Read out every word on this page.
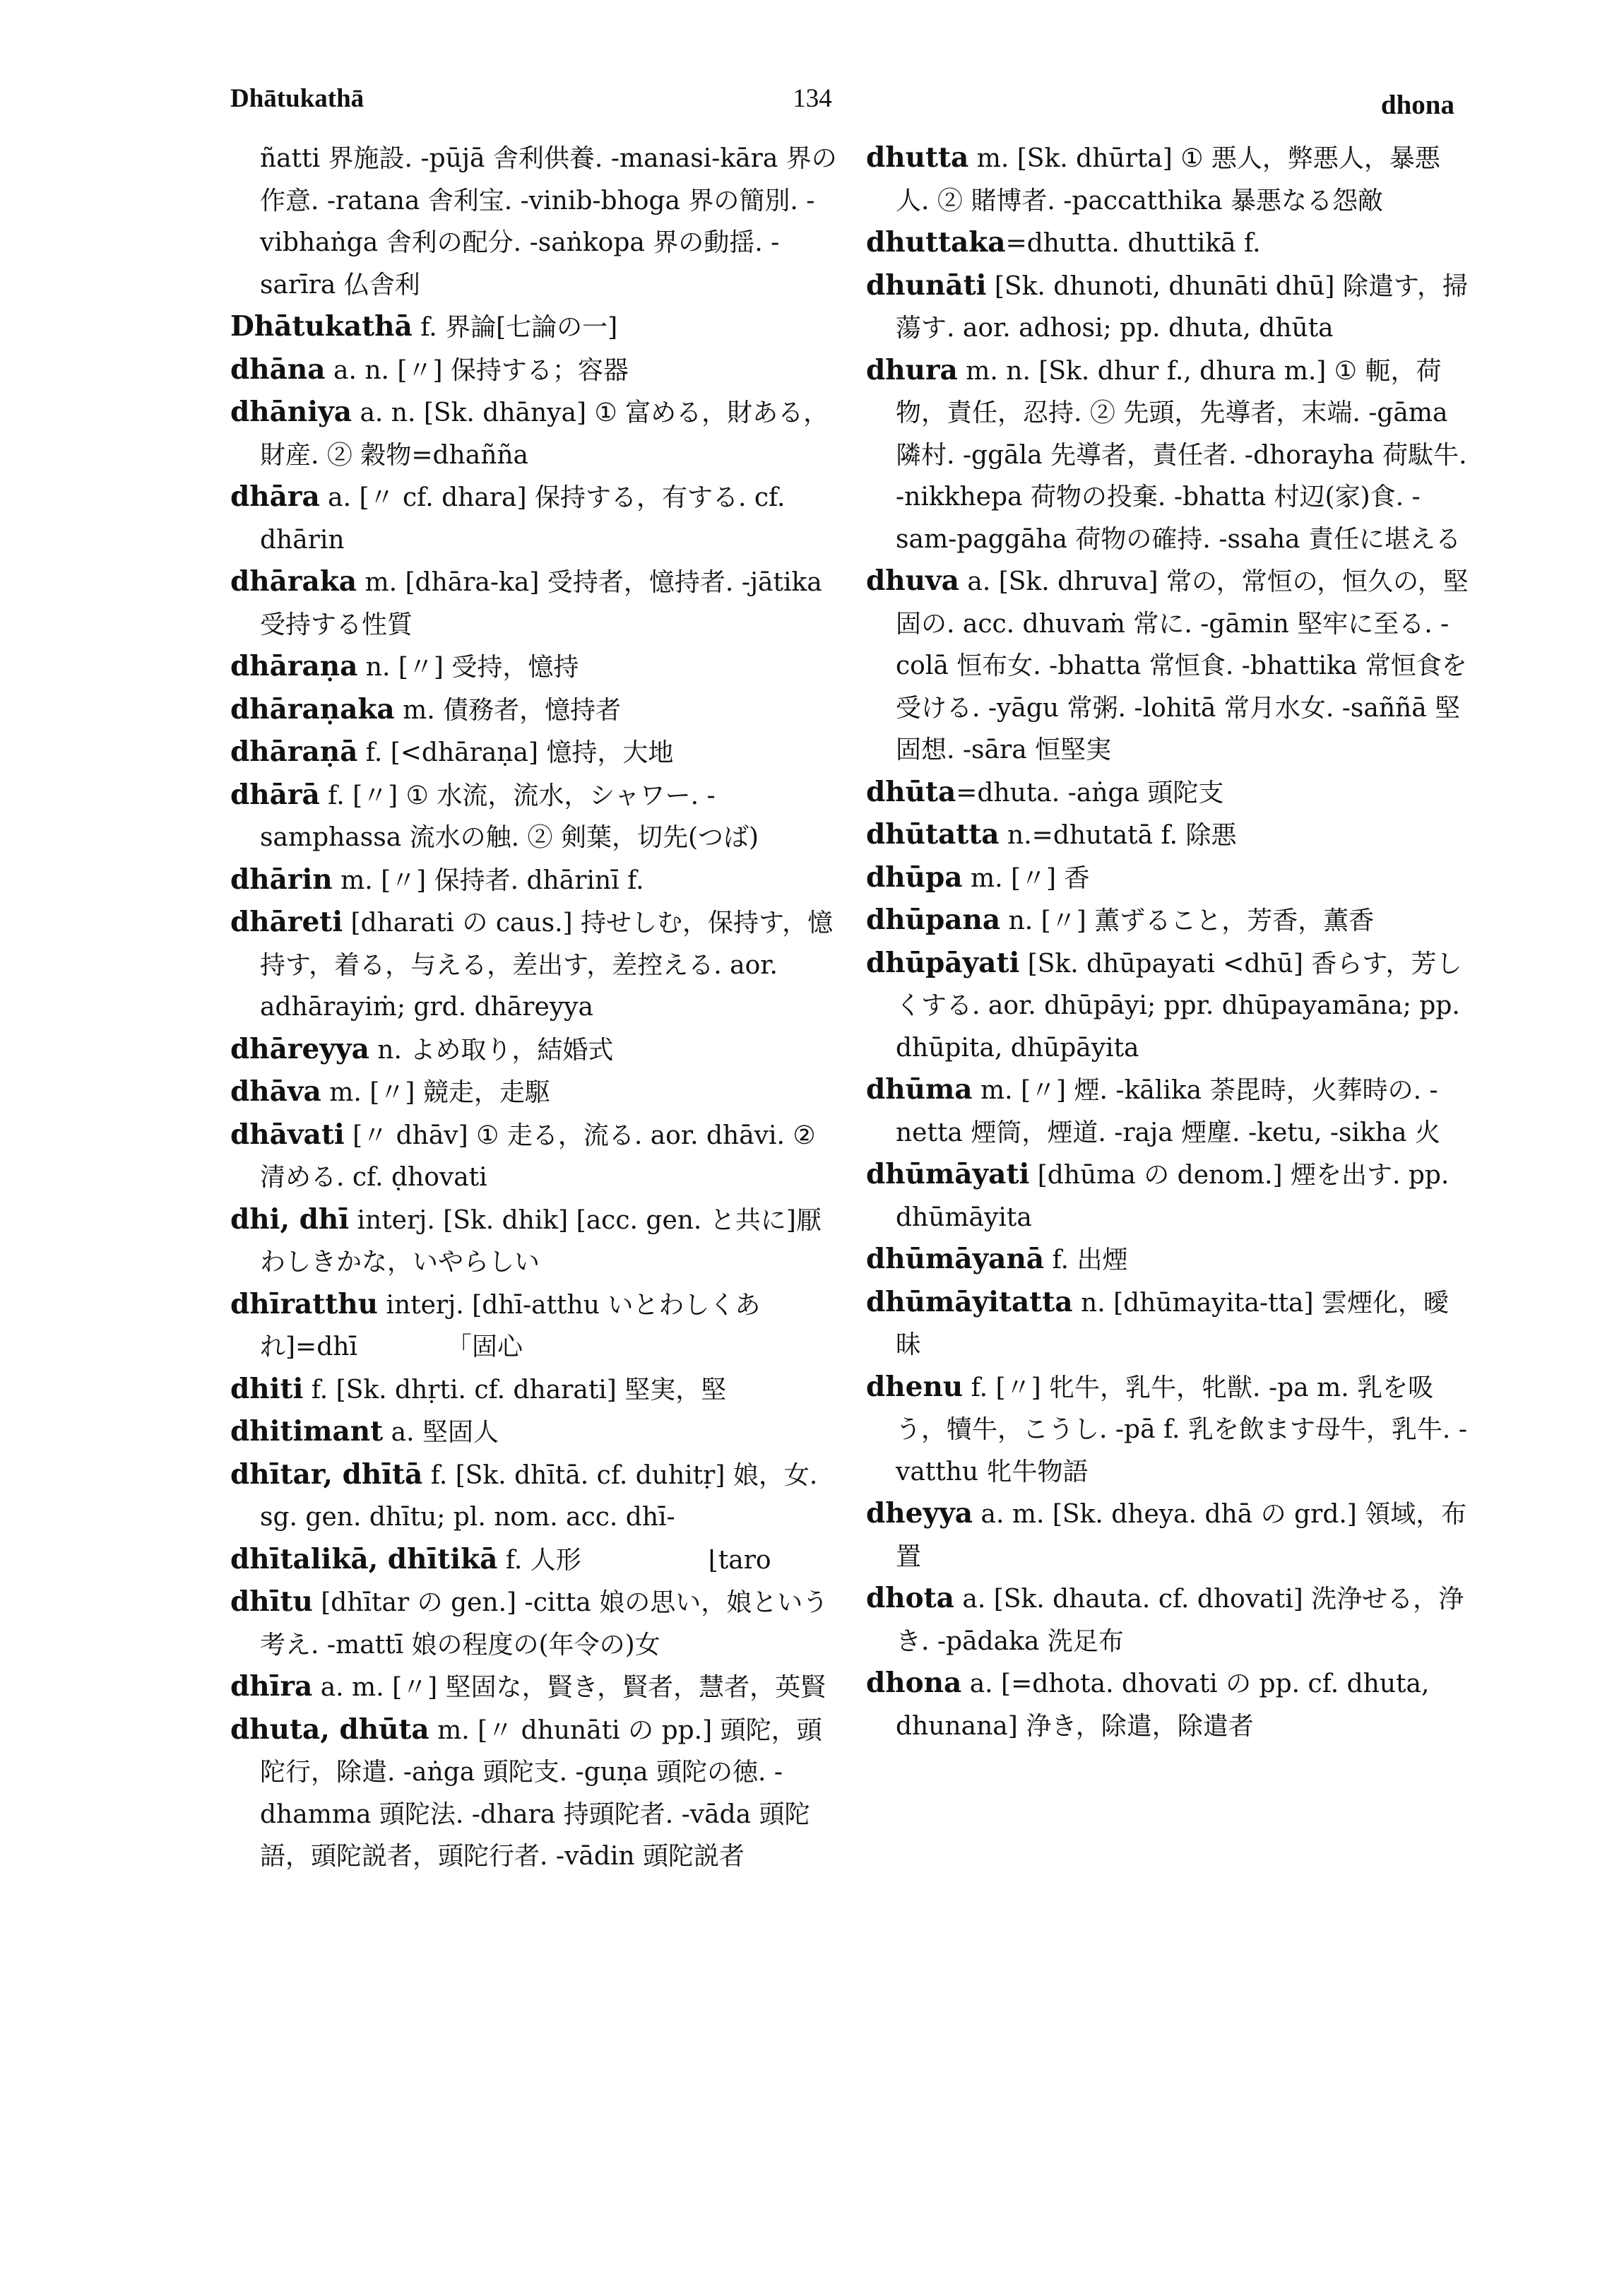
Dhātukathā	134	dhona

ñatti 界施設. -pūjā 舎利供養. -manasi-kāra 界の作意. -ratana 舎利宝. -vinib-bhoga 界の簡別. -vibhaṅga 舎利の配分. -saṅkopa 界の動揺. -sarīra 仏舎利

Dhātukathā f. 界論[七論の一]

dhāna a. n. [〃] 保持する；容器

dhāniya a. n. [Sk. dhānya] ① 富める，財ある，財産. ② 穀物=dhañña

dhāra a. [〃 cf. dhara] 保持する，有する. cf. dhārin

dhāraka m. [dhāra-ka] 受持者，憶持者. -jātika 受持する性質

dhāraṇa n. [〃] 受持，憶持

dhāraṇaka m. 債務者，憶持者

dhāraṇā f. [<dhāraṇa] 憶持，大地

dhārā f. [〃] ① 水流，流水，シャワー. -samphassa 流水の触. ② 剣葉，切先(つば)

dhārin m. [〃] 保持者. dhārinī f.

dhāreti [dharati の caus.] 持せしむ，保持す，憶持す，着る，与える，差出す，差控える. aor. adhārayiṁ; grd. dhāreyya

dhāreyya n. よめ取り，結婚式

dhāva m. [〃] 競走，走駆

dhāvati [〃 dhāv] ① 走る，流る. aor. dhāvi. ② 清める. cf. ḍhovati

dhi, dhī interj. [Sk. dhik] [acc. gen. と共に]厭わしきかな，いやらしい

dhīratthu interj. [dhī-atthu いとわしくあれ]=dhī　　　　「固心

dhiti f. [Sk. dhṛti. cf. dharati] 堅実，堅

dhitimant a. 堅固人

dhītar, dhītā f. [Sk. dhītā. cf. duhitṛ] 娘，女. sg. gen. dhītu; pl. nom. acc. dhī-

dhītalikā, dhītikā f. 人形　　　　　⌊taro

dhītu [dhītar の gen.] -citta 娘の思い，娘という考え. -mattī 娘の程度の(年令の)女

dhīra a. m. [〃] 堅固な，賢き，賢者，慧者，英賢

dhuta, dhūta m. [〃 dhunāti の pp.] 頭陀，頭陀行，除遣. -aṅga 頭陀支. -guṇa 頭陀の徳. -dhamma 頭陀法. -dhara 持頭陀者. -vāda 頭陀語，頭陀説者，頭陀行者. -vādin 頭陀説者

dhutta m. [Sk. dhūrta] ① 悪人，弊悪人，暴悪人. ② 賭博者. -paccatthika 暴悪なる怨敵

dhuttaka=dhutta. dhuttikā f.

dhunāti [Sk. dhunoti, dhunāti dhū] 除遣す，掃蕩す. aor. adhosi; pp. dhuta, dhūta

dhura m. n. [Sk. dhur f., dhura m.] ① 軛，荷物，責任，忍持. ② 先頭，先導者，末端. -gāma 隣村. -ggāla 先導者，責任者. -dhorayha 荷駄牛. -nikkhepa 荷物の投棄. -bhatta 村辺(家)食. -sam-paggāha 荷物の確持. -ssaha 責任に堪える

dhuva a. [Sk. dhruva] 常の，常恒の，恒久の，堅固の. acc. dhuvaṁ 常に. -gāmin 堅牢に至る. -colā 恒布女. -bhatta 常恒食. -bhattika 常恒食を受ける. -yāgu 常粥. -lohitā 常月水女. -saññā 堅固想. -sāra 恒堅実

dhūta=dhuta. -aṅga 頭陀支

dhūtatta n.=dhutatā f. 除悪

dhūpa m. [〃] 香

dhūpana n. [〃] 薫ずること，芳香，薫香

dhūpāyati [Sk. dhūpayati <dhū] 香らす，芳しくする. aor. dhūpāyi; ppr. dhūpayamāna; pp. dhūpita, dhūpāyita

dhūma m. [〃] 煙. -kālika 荼毘時，火葬時の. -netta 煙筒，煙道. -raja 煙塵. -ketu, -sikha 火

dhūmāyati [dhūma の denom.] 煙を出す. pp. dhūmāyita

dhūmāyanā f. 出煙

dhūmāyitatta n. [dhūmayita-tta] 雲煙化，曖昧

dhenu f. [〃] 牝牛，乳牛，牝獣. -pa m. 乳を吸う，犢牛，こうし. -pā f. 乳を飲ます母牛，乳牛. -vatthu 牝牛物語

dheyya a. m. [Sk. dheya. dhā の grd.] 領域，布置

dhota a. [Sk. dhauta. cf. dhovati] 洗浄せる，浄き. -pādaka 洗足布

dhona a. [=dhota. dhovati の pp. cf. dhuta, dhunana] 浄き，除遣，除遣者
